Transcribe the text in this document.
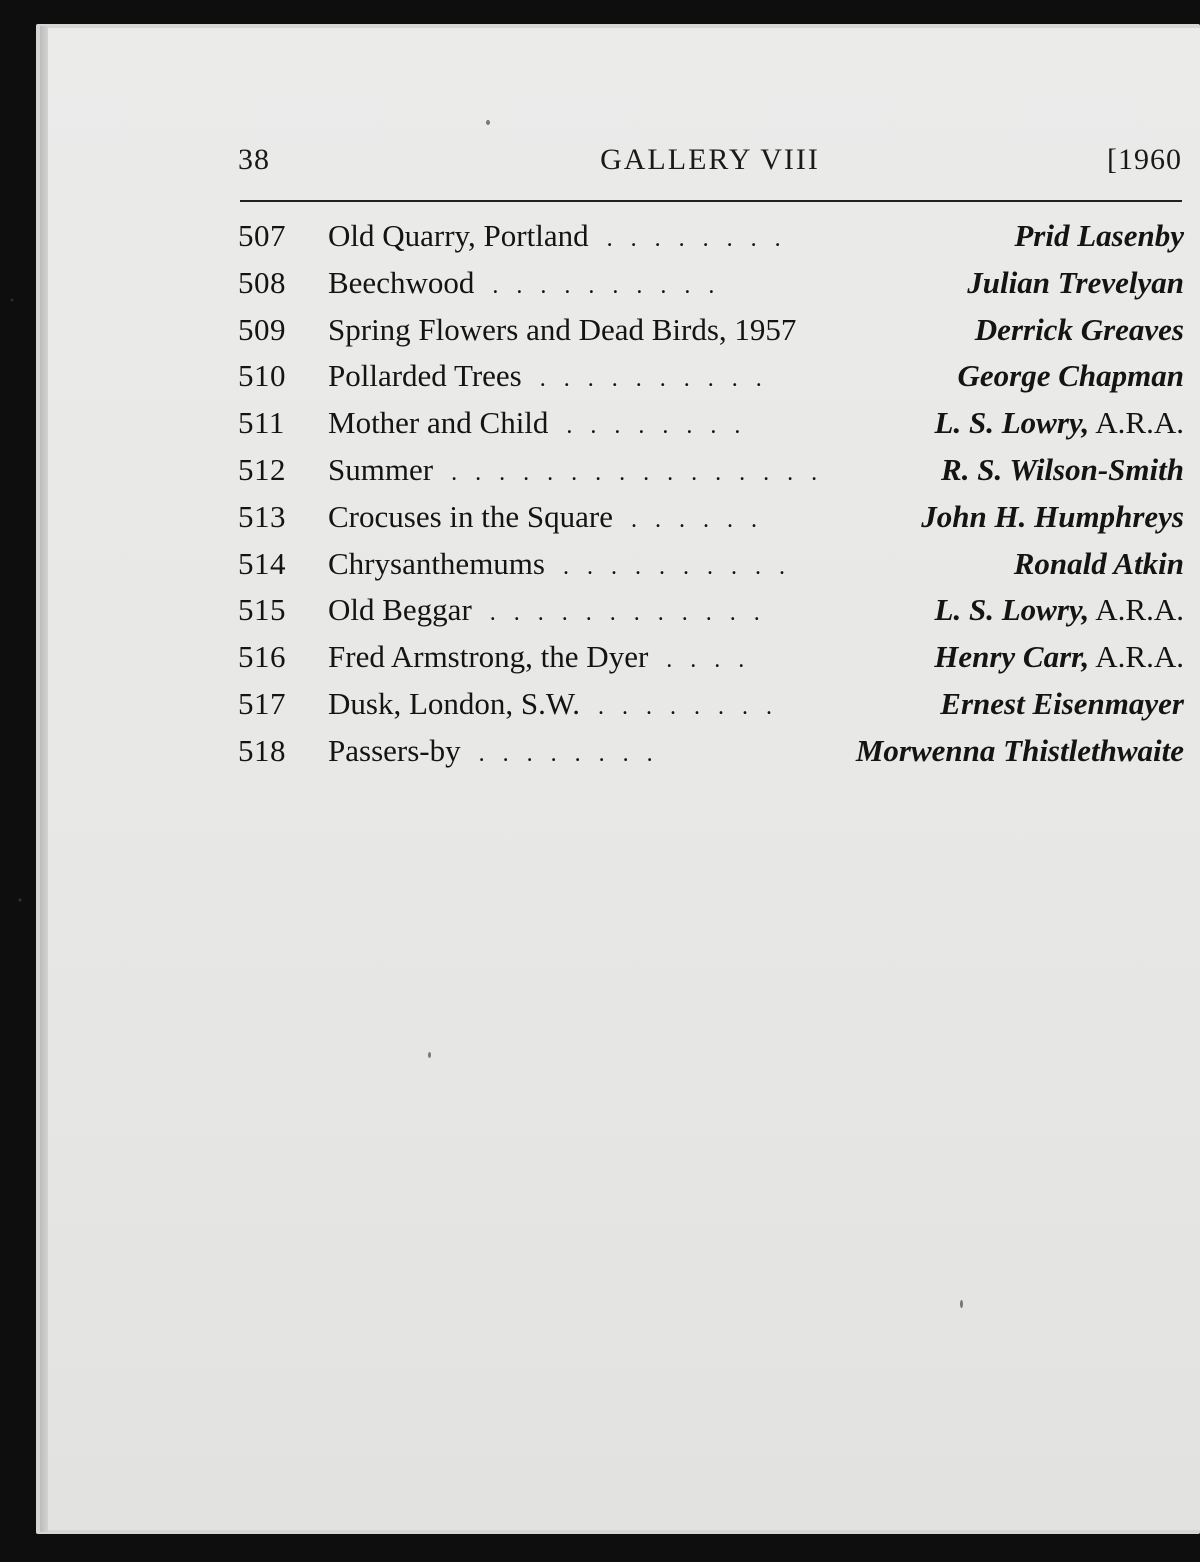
38	GALLERY VIII	[1960
507	Old Quarry, Portland . . . . . . . .	Prid Lasenby
508	Beechwood . . . . . . . . . .	Julian Trevelyan
509	Spring Flowers and Dead Birds, 1957	Derrick Greaves
510	Pollarded Trees . . . . . . . . . .	George Chapman
511	Mother and Child . . . . . . . .	L. S. Lowry, A.R.A.
512	Summer . . . . . . . . . . . . . . . .	R. S. Wilson-Smith
513	Crocuses in the Square . . . . . .	John H. Humphreys
514	Chrysanthemums . . . . . . . . . .	Ronald Atkin
515	Old Beggar . . . . . . . . . . . .	L. S. Lowry, A.R.A.
516	Fred Armstrong, the Dyer . . . .	Henry Carr, A.R.A.
517	Dusk, London, S.W. . . . . . . . .	Ernest Eisenmayer
518	Passers-by . . . . . . . .	Morwenna Thistlethwaite
